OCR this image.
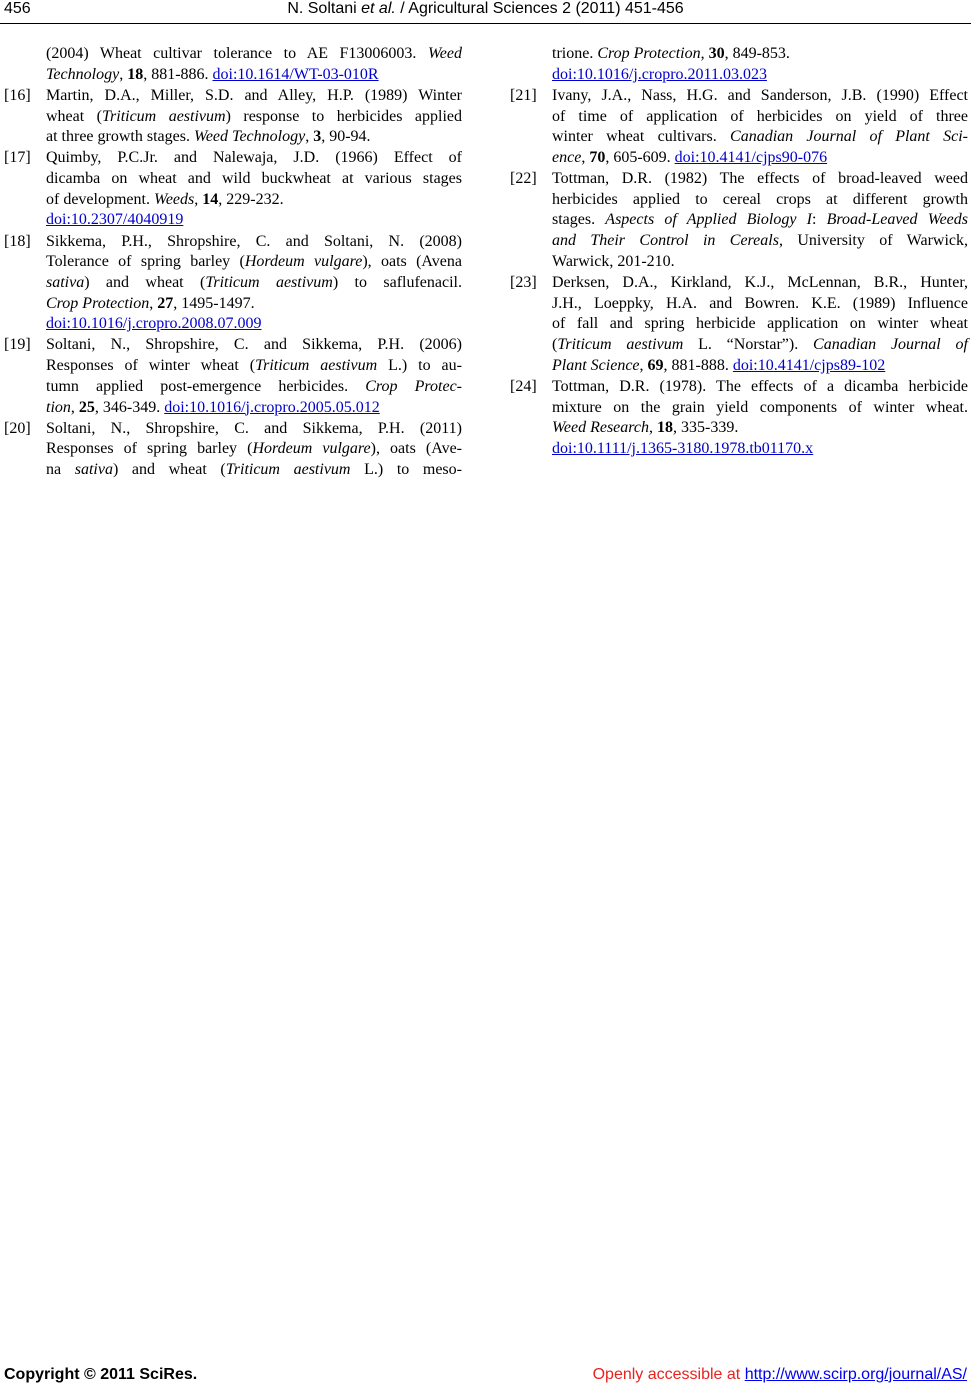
456	N. Soltani et al. / Agricultural Sciences 2 (2011) 451-456
(2004) Wheat cultivar tolerance to AE F13006003. Weed
Technology, 18, 881-886. doi:10.1614/WT-03-010R
[16] Martin, D.A., Miller, S.D. and Alley, H.P. (1989) Winter
wheat (Triticum aestivum) response to herbicides applied
at three growth stages. Weed Technology, 3, 90-94.
[17] Quimby, P.C.Jr. and Nalewaja, J.D. (1966) Effect of
dicamba on wheat and wild buckwheat at various stages
of development. Weeds, 14, 229-232.
doi:10.2307/4040919
[18] Sikkema, P.H., Shropshire, C. and Soltani, N. (2008)
Tolerance of spring barley (Hordeum vulgare), oats (Avena
sativa) and wheat (Triticum aestivum) to saflufenacil.
Crop Protection, 27, 1495-1497.
doi:10.1016/j.cropro.2008.07.009
[19] Soltani, N., Shropshire, C. and Sikkema, P.H. (2006)
Responses of winter wheat (Triticum aestivum L.) to au-
tumn applied post-emergence herbicides. Crop Protec-
tion, 25, 346-349. doi:10.1016/j.cropro.2005.05.012
[20] Soltani, N., Shropshire, C. and Sikkema, P.H. (2011)
Responses of spring barley (Hordeum vulgare), oats (Ave-
na sativa) and wheat (Triticum aestivum L.) to meso-
trione. Crop Protection, 30, 849-853.
doi:10.1016/j.cropro.2011.03.023
[21] Ivany, J.A., Nass, H.G. and Sanderson, J.B. (1990) Effect
of time of application of herbicides on yield of three
winter wheat cultivars. Canadian Journal of Plant Sci-
ence, 70, 605-609. doi:10.4141/cjps90-076
[22] Tottman, D.R. (1982) The effects of broad-leaved weed
herbicides applied to cereal crops at different growth
stages. Aspects of Applied Biology I: Broad-Leaved Weeds
and Their Control in Cereals, University of Warwick,
Warwick, 201-210.
[23] Derksen, D.A., Kirkland, K.J., McLennan, B.R., Hunter,
J.H., Loeppky, H.A. and Bowren. K.E. (1989) Influence
of fall and spring herbicide application on winter wheat
(Triticum aestivum L. “Norstar”). Canadian Journal of
Plant Science, 69, 881-888. doi:10.4141/cjps89-102
[24] Tottman, D.R. (1978). The effects of a dicamba herbicide
mixture on the grain yield components of winter wheat.
Weed Research, 18, 335-339.
doi:10.1111/j.1365-3180.1978.tb01170.x
Copyright © 2011 SciRes.	Openly accessible at http://www.scirp.org/journal/AS/
